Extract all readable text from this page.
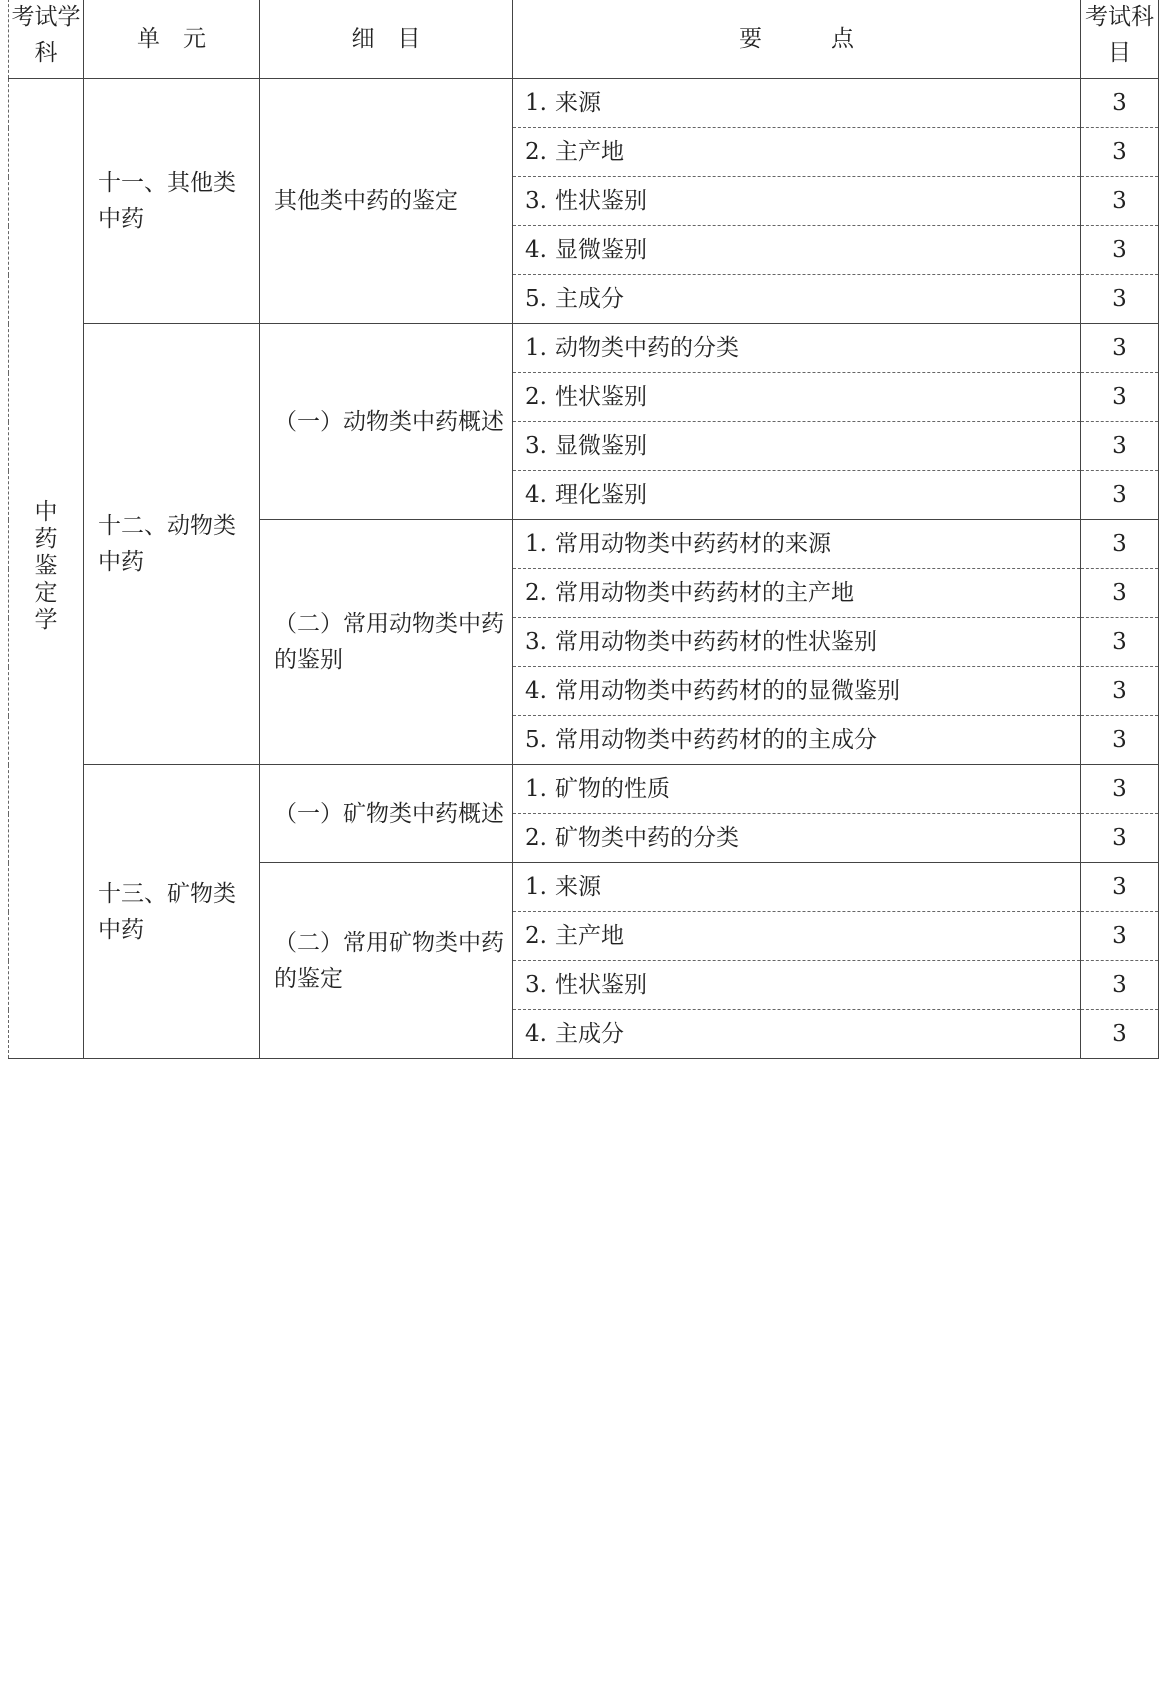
考试学科	单　元	细　目	要　　　点	考试科目
中药鉴定学	十一、其他类中药	其他类中药的鉴定	1. 来源	3
			2. 主产地	3
			3. 性状鉴别	3
			4. 显微鉴别	3
			5. 主成分	3
	十二、动物类中药	（一）动物类中药概述	1. 动物类中药的分类	3
			2. 性状鉴别	3
			3. 显微鉴别	3
			4. 理化鉴别	3
		（二）常用动物类中药的鉴别	1. 常用动物类中药药材的来源	3
			2. 常用动物类中药药材的主产地	3
			3. 常用动物类中药药材的性状鉴别	3
			4. 常用动物类中药药材的的显微鉴别	3
			5. 常用动物类中药药材的的主成分	3
	十三、矿物类中药	（一）矿物类中药概述	1. 矿物的性质	3
			2. 矿物类中药的分类	3
		（二）常用矿物类中药的鉴定	1. 来源	3
			2. 主产地	3
			3. 性状鉴别	3
			4. 主成分	3
